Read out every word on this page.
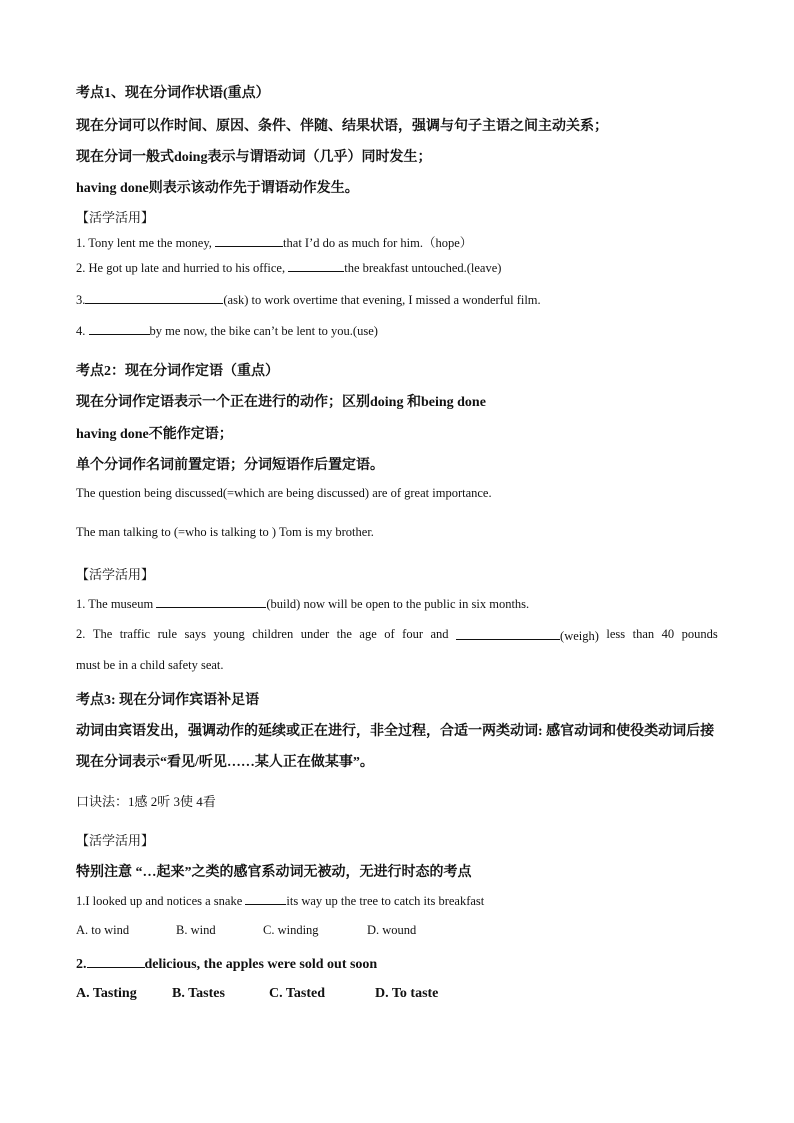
考点1、现在分词作状语(重点）
现在分词可以作时间、原因、条件、伴随、结果状语，强调与句子主语之间主动关系；
现在分词一般式doing表示与谓语动词（几乎）同时发生；
having done则表示该动作先于谓语动作发生。
【活学活用】
1. Tony lent me the money,	that I’d do as much for him.（hope）
2. He got up late and hurried to his office,	the breakfast untouched.(leave)
3.	(ask) to work overtime that evening, I missed a wonderful film.
4.	by me now, the bike can’t be lent to you.(use)
考点2：现在分词作定语（重点）
现在分词作定语表示一个正在进行的动作；区别doing 和being done
having done不能作定语；
单个分词作名词前置定语；分词短语作后置定语。
The question being discussed(=which are being discussed) are of great importance.
The man talking to (=who is talking to ) Tom is my brother.
【活学活用】
1. The museum	(build) now will be open to the public in six months.
2. The traffic rule says young children under the age of four and	(weigh) less than 40 pounds
must be in a child safety seat.
考点3: 现在分词作宾语补足语
动词由宾语发出，强调动作的延续或正在进行，非全过程，合适一两类动词: 感官动词和使役类动词后接
现在分词表示“看见/听见……某人正在做某事”。
口诀法：1感 2听 3使 4看
【活学活用】
特别注意 “…起来”之类的感官系动词无被动，无进行时态的考点
1.I looked up and notices a snake	its way up the tree to catch its breakfast
A. to wind	B. wind	C. winding	D. wound
2.	delicious, the apples were sold out soon
A. Tasting	B. Tastes	C. Tasted	D. To taste
